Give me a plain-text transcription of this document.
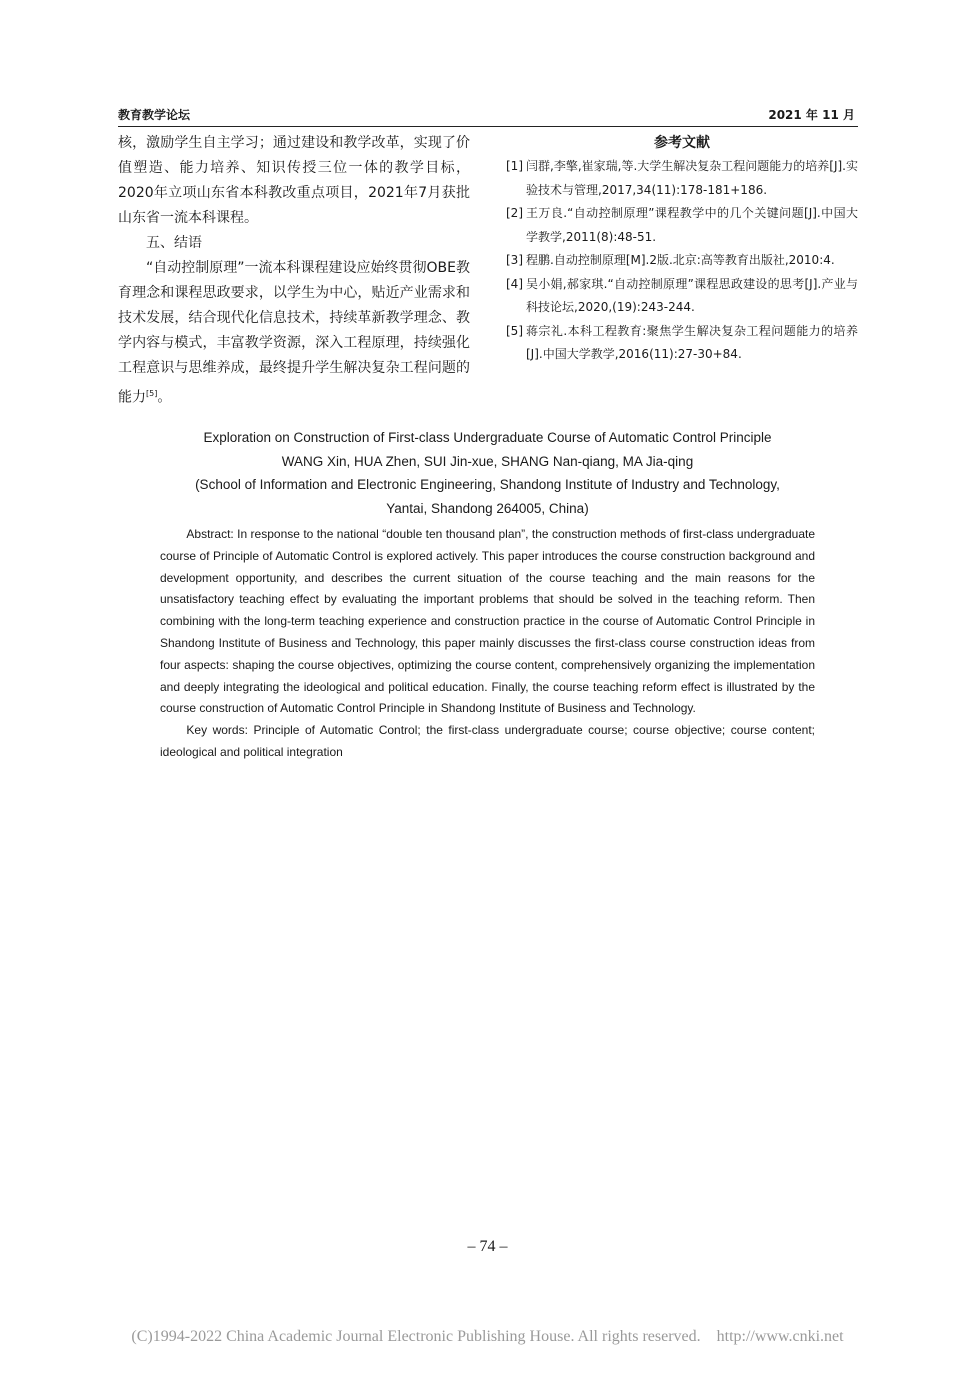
教育教学论坛	2021 年 11 月

核，激励学生自主学习；通过建设和教学改革，实现了价值塑造、能力培养、知识传授三位一体的教学目标，2020年立项山东省本科教改重点项目，2021年7月获批山东省一流本科课程。

五、结语

“自动控制原理”一流本科课程建设应始终贯彻OBE教育理念和课程思政要求，以学生为中心，贴近产业需求和技术发展，结合现代化信息技术，持续革新教学理念、教学内容与模式，丰富教学资源，深入工程原理，持续强化工程意识与思维养成，最终提升学生解决复杂工程问题的能力[5]。

参考文献
[1] 闫群,李擎,崔家瑞,等.大学生解决复杂工程问题能力的培养[J].实验技术与管理,2017,34(11):178-181+186.
[2] 王万良.“自动控制原理”课程教学中的几个关键问题[J].中国大学教学,2011(8):48-51.
[3] 程鹏.自动控制原理[M].2版.北京:高等教育出版社,2010:4.
[4] 吴小娟,郝家琪.“自动控制原理”课程思政建设的思考[J].产业与科技论坛,2020,(19):243-244.
[5] 蒋宗礼.本科工程教育:聚焦学生解决复杂工程问题能力的培养[J].中国大学教学,2016(11):27-30+84.

Exploration on Construction of First-class Undergraduate Course of Automatic Control Principle

WANG Xin, HUA Zhen, SUI Jin-xue, SHANG Nan-qiang, MA Jia-qing

(School of Information and Electronic Engineering, Shandong Institute of Industry and Technology,

Yantai, Shandong 264005, China)

Abstract: In response to the national “double ten thousand plan”, the construction methods of first-class undergraduate course of Principle of Automatic Control is explored actively. This paper introduces the course construction background and development opportunity, and describes the current situation of the course teaching and the main reasons for the unsatisfactory teaching effect by evaluating the important problems that should be solved in the teaching reform. Then combining with the long-term teaching experience and construction practice in the course of Automatic Control Principle in Shandong Institute of Business and Technology, this paper mainly discusses the first-class course construction ideas from four aspects: shaping the course objectives, optimizing the course content, comprehensively organizing the implementation and deeply integrating the ideological and political education. Finally, the course teaching reform effect is illustrated by the course construction of Automatic Control Principle in Shandong Institute of Business and Technology.

Key words: Principle of Automatic Control; the first-class undergraduate course; course objective; course content; ideological and political integration

– 74 –
(C)1994-2022 China Academic Journal Electronic Publishing House. All rights reserved. http://www.cnki.net
